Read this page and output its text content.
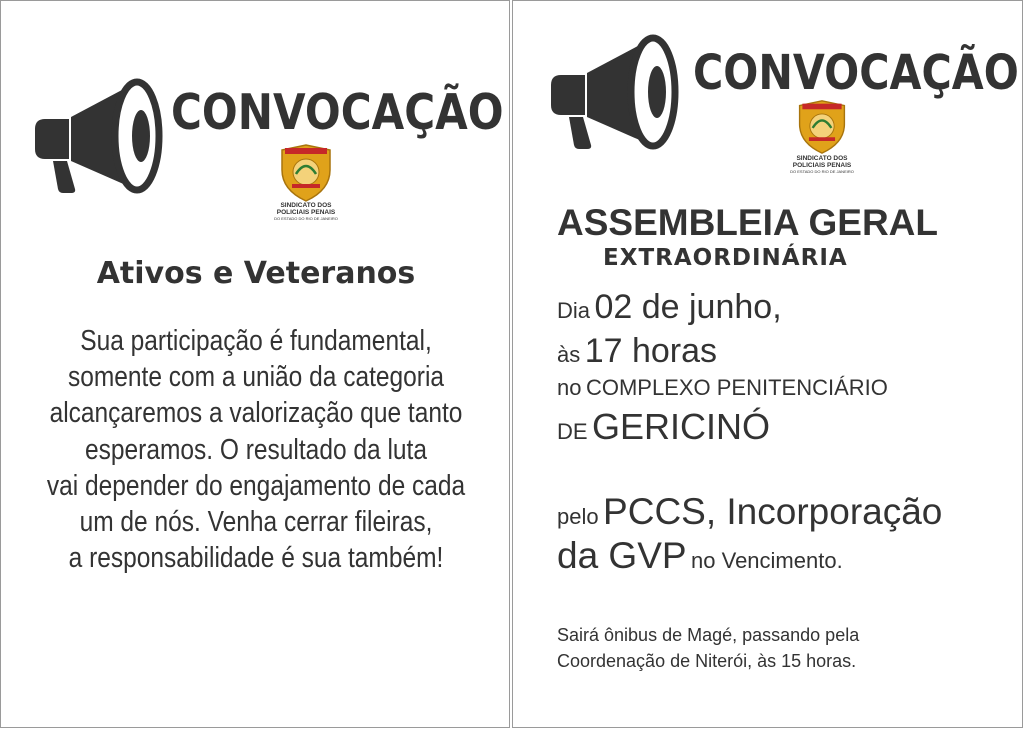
CONVOCAÇÃO
SINDICATO DOS
POLICIAIS PENAIS
DO ESTADO DO RIO DE JANEIRO
Ativos e Veteranos
Sua participação é fundamental,
somente com a união da categoria
alcançaremos a valorização que tanto
esperamos. O resultado da luta
vai depender do engajamento de cada
um de nós. Venha cerrar fileiras,
a responsabilidade é sua também!
CONVOCAÇÃO
SINDICATO DOS
POLICIAIS PENAIS
DO ESTADO DO RIO DE JANEIRO
ASSEMBLEIA GERAL
EXTRAORDINÁRIA
Dia 02 de junho,
às 17 horas
no COMPLEXO PENITENCIÁRIO
DE GERICINÓ
pelo PCCS, Incorporação
da GVP no Vencimento.
Sairá ônibus de Magé, passando pela
Coordenação de Niterói, às 15 horas.
